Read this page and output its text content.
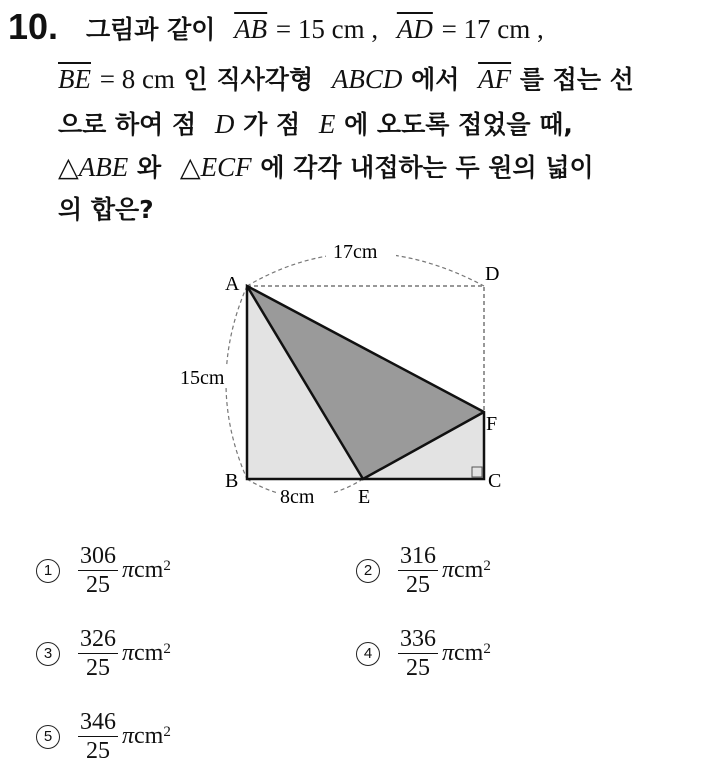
10. 그림과 같이 $\overline{AB} = 15$ cm , $\overline{AD} = 17$ cm ,
$\overline{BE} = 8$ cm 인 직사각형 ABCD 에서 $\overline{AF}$ 를 접는 선
으로 하여 점 D 가 점 E 에 오도록 접었을 때,
△ABE 와 △ECF 에 각각 내접하는 두 원의 넓이
의 합은?
17cm
15cm
8cm
A	D
F
C
B
E
1	$\frac{306}{25}$ π $cm^2$	2	$\frac{316}{25}$ π $cm^2$
3	$\frac{326}{25}$ π $cm^2$	4	$\frac{336}{25}$ π $cm^2$
5	$\frac{346}{25}$ π $cm^2$
